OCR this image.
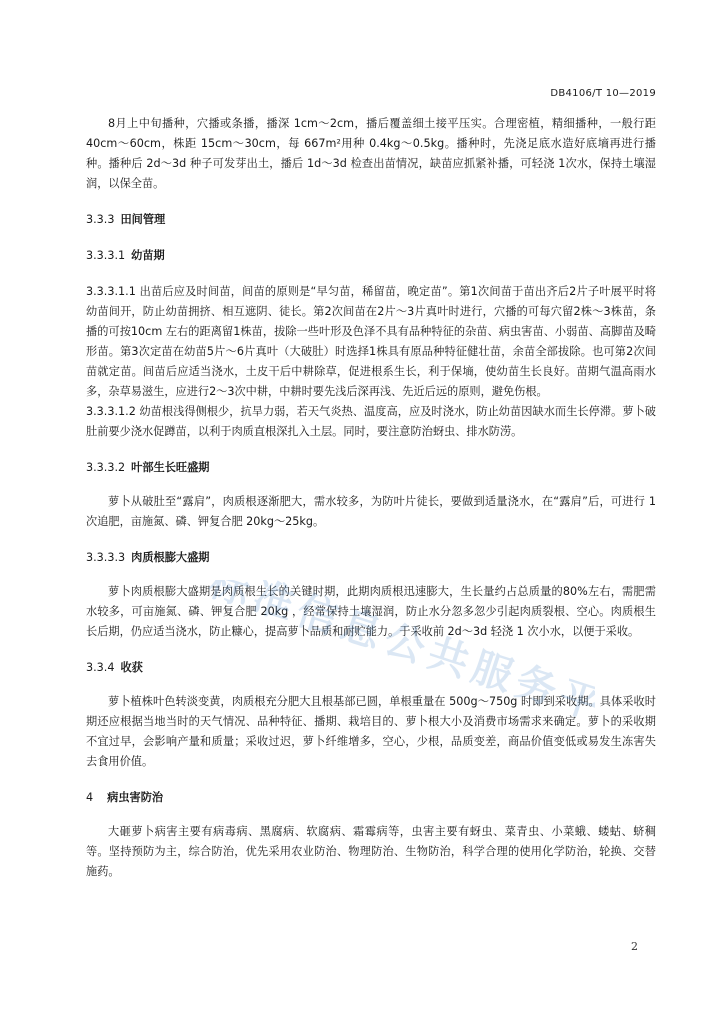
DB4106/T 10—2019

8月上中旬播种，穴播或条播，播深 1cm～2cm，播后覆盖细土接平压实。合理密植，精细播种，一般行距 40cm～60cm，株距 15cm～30cm，每 667m²用种 0.4kg～0.5kg。播种时，先浇足底水造好底墒再进行播种。播种后 2d～3d 种子可发芽出土，播后 1d～3d 检查出苗情况，缺苗应抓紧补播，可轻浇 1次水，保持土壤湿润，以保全苗。

3.3.3 田间管理
3.3.3.1 幼苗期

3.3.3.1.1 出苗后应及时间苗，间苗的原则是“早匀苗，稀留苗，晚定苗”。第1次间苗于苗出齐后2片子叶展平时将幼苗间开，防止幼苗拥挤、相互遮阴、徒长。第2次间苗在2片～3片真叶时进行，穴播的可每穴留2株～3株苗，条播的可按10cm 左右的距离留1株苗，拔除一些叶形及色泽不具有品种特征的杂苗、病虫害苗、小弱苗、高脚苗及畸形苗。第3次定苗在幼苗5片～6片真叶（大破肚）时选择1株具有原品种特征健壮苗，余苗全部拔除。也可第2次间苗就定苗。间苗后应适当浇水，土皮干后中耕除草，促进根系生长，利于保墒，使幼苗生长良好。苗期气温高雨水多，杂草易滋生，应进行2～3次中耕，中耕时要先浅后深再浅、先近后远的原则，避免伤根。

3.3.3.1.2 幼苗根浅得侧根少，抗旱力弱，若天气炎热、温度高，应及时浇水，防止幼苗因缺水而生长停滞。萝卜破肚前要少浇水促蹲苗，以利于肉质直根深扎入土层。同时，要注意防治蚜虫、排水防涝。

3.3.3.2 叶部生长旺盛期

萝卜从破肚至“露肩”，肉质根逐渐肥大，需水较多，为防叶片徒长，要做到适量浇水，在“露肩”后，可进行 1 次追肥，亩施氮、磷、钾复合肥 20kg～25kg。

3.3.3.3 肉质根膨大盛期

萝卜肉质根膨大盛期是肉质根生长的关键时期，此期肉质根迅速膨大，生长量约占总质量的80%左右，需肥需水较多，可亩施氮、磷、钾复合肥 20kg ，经常保持土壤湿润，防止水分忽多忽少引起肉质裂根、空心。肉质根生长后期，仍应适当浇水，防止糠心，提高萝卜品质和耐贮能力。于采收前 2d～3d 轻浇 1 次小水，以便于采收。

3.3.4 收获

萝卜植株叶色转淡变黄，肉质根充分肥大且根基部已圆，单根重量在 500g～750g 时即到采收期。具体采收时期还应根据当地当时的天气情况、品种特征、播期、栽培目的、萝卜根大小及消费市场需求来确定。萝卜的采收期不宜过早，会影响产量和质量；采收过迟，萝卜纤维增多，空心，少根，品质变差，商品价值变低或易发生冻害失去食用价值。

4 病虫害防治

大砸萝卜病害主要有病毒病、黑腐病、软腐病、霜霉病等，虫害主要有蚜虫、菜青虫、小菜蛾、蝼蛄、蛴稠等。坚持预防为主，综合防治，优先采用农业防治、物理防治、生物防治，科学合理的使用化学防治，轮换、交替施药。

标准信息公共服务平台
2
